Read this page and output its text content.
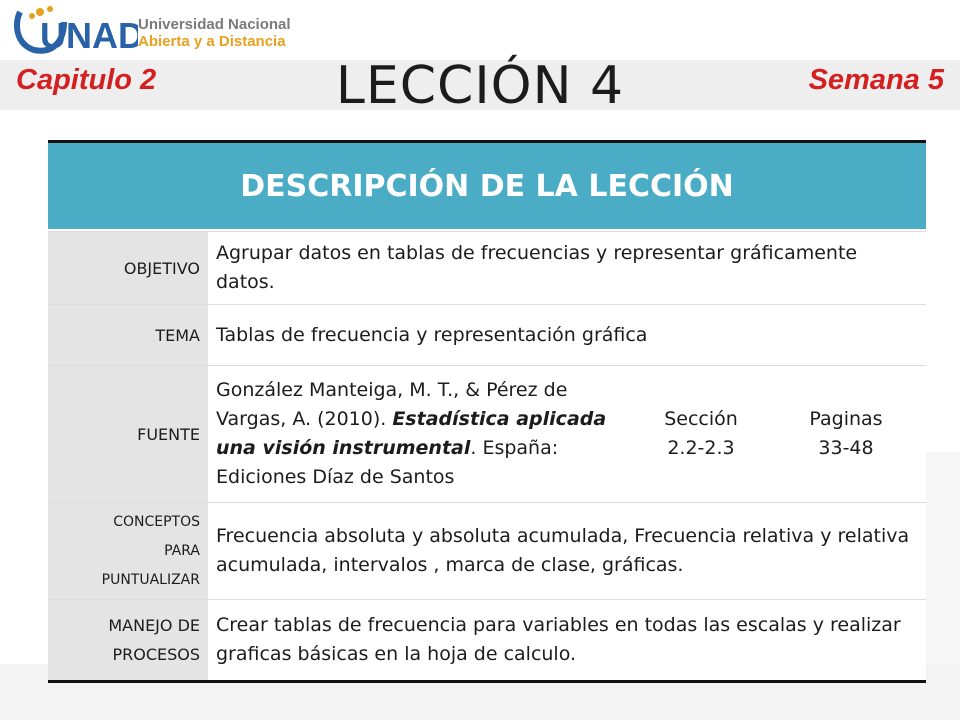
UNAD
Universidad Nacional
Abierta y a Distancia
Capitulo 2	LECCIÓN 4	Semana 5
DESCRIPCIÓN DE LA LECCIÓN
OBJETIVO
Agrupar datos en tablas de frecuencias y representar gráficamente datos.
TEMA Tablas de frecuencia y representación gráfica
FUENTE
González Manteiga, M. T., & Pérez de Vargas, A. (2010). Estadística aplicada una visión instrumental. España: Ediciones Díaz de Santos
Sección
2.2-2.3
Paginas
33-48
CONCEPTOS
PARA
PUNTUALIZAR
Frecuencia absoluta y absoluta acumulada, Frecuencia relativa y relativa acumulada, intervalos , marca de clase, gráficas.
MANEJO DE
PROCESOS
Crear tablas de frecuencia para variables en todas las escalas y realizar graficas básicas en la hoja de calculo.
